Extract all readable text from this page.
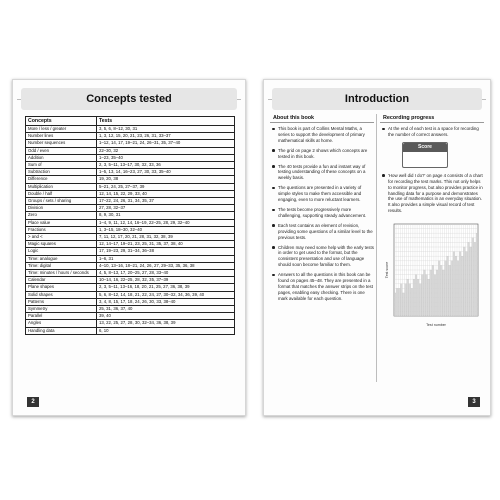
Concepts tested
Concepts	Tests
More / less / greater	3, 5, 6, 8–12, 30, 31
Number lines	1, 3, 12, 15, 20, 21, 23, 26, 31, 33–37
Number sequences	1–12, 14, 17, 19–21, 24, 26–31, 35, 37–40
Odd / even	22–30, 32
Addition	1–23, 35–40
Sum of	2, 3, 5–11, 13–17, 30, 32, 33, 36
Subtraction	1–5, 13, 14, 16–23, 27, 30, 33, 35–40
Difference	19, 20, 38
Multiplication	5–21, 24, 25, 27–37, 39
Double / half	12, 14, 15, 22, 29, 33, 40
Groups / sets / sharing	17–22, 24, 26, 31, 34, 35, 37
Division	27, 28, 32–37
Zero	8, 9, 30, 31
Place value	1–4, 9, 11, 12, 14, 16–19, 22–25, 28, 29, 32–40
Fractions	1, 3–15, 18–30, 32–40
> and <	7, 11, 12, 17, 20, 21, 28, 31, 32, 38, 39
Magic squares	12, 14–17, 19–21, 23, 25, 31, 35, 37, 38, 40
Logic	17, 19–23, 29, 31–34, 36–38
Time: analogue	1–6, 31
Time: digital	4–10, 13–16, 18–21, 24, 26, 27, 29–33, 35, 36, 38
Time: minutes / hours / seconds	4, 5, 8–13, 17, 20–25, 27, 28, 33–40
Calendar	10–14, 16, 22–25, 28, 32, 35, 37–39
Plane shapes	2, 3, 5–11, 13–16, 18, 20, 21, 25, 27, 36, 38, 39
Solid shapes	5, 6, 8–12, 14, 18, 21, 22, 24, 27, 30–32, 34, 36, 39, 40
Patterns	3, 4, 8, 15, 17, 18, 24, 26, 30, 33, 38–40
Symmetry	25, 31, 36, 37, 40
Parallel	39, 40
Angles	13, 22, 25, 27, 28, 30, 32–34, 36, 38, 39
Handling data	6, 10
2
Introduction
About this book
This book is part of Collins Mental Maths, a series to support the development of primary mathematical skills at home.
The grid on page 2 shows which concepts are tested in this book.
The 40 tests provide a fun and instant way of testing understanding of these concepts on a weekly basis.
The questions are presented in a variety of simple styles to make them accessible and engaging, even to more reluctant learners.
The tests become progressively more challenging, supporting steady advancement.
Each test contains an element of revision, providing some questions of a similar level to the previous tests.
Children may need some help with the early tests in order to get used to the format, but the consistent presentation and use of language should soon become familiar to them.
Answers to all the questions in this book can be found on pages 45–48. They are presented in a format that matches the answer strips on the test pages, enabling easy checking. There is one mark available for each question.
Recording progress
At the end of each test is a space for recording the number of correct answers.
Score
'How well did I do?' on page 4 consists of a chart for recording the test marks. This not only helps to monitor progress, but also provides practice in handling data for a purpose and demonstrates the use of mathematics in an everyday situation. It also provides a simple visual record of test results.
Test number
Test score
3
